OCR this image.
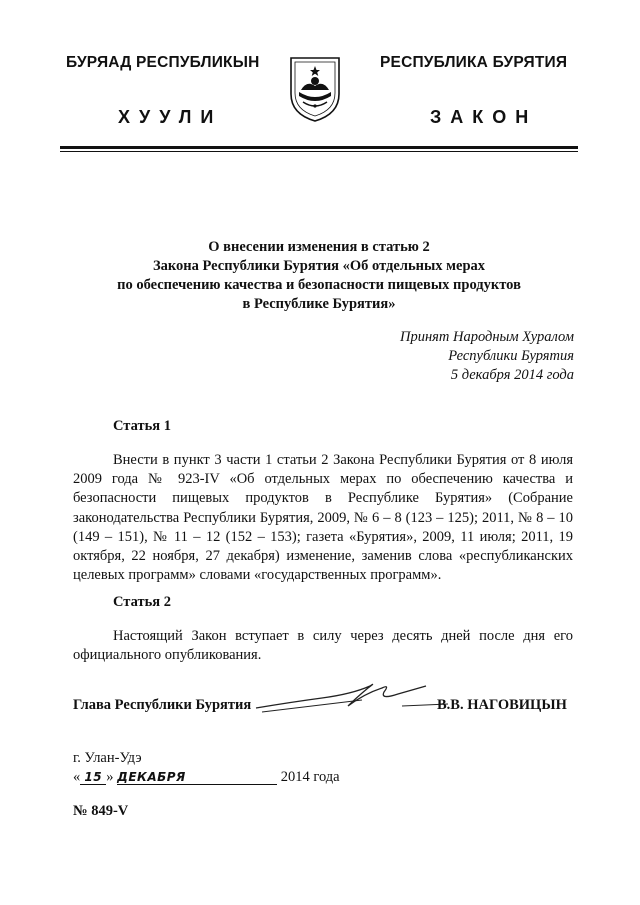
БУРЯАД РЕСПУБЛИКЫН	РЕСПУБЛИКА БУРЯТИЯ
ХУУЛИ	ЗАКОН
О внесении изменения в статью 2
Закона Республики Бурятия «Об отдельных мерах
по обеспечению качества и безопасности пищевых продуктов
в Республике Бурятия»
Принят Народным Хуралом
Республики Бурятия
5 декабря 2014 года
Статья 1
Внести в пункт 3 части 1 статьи 2 Закона Республики Бурятия от 8 июля 2009 года № 923-IV «Об отдельных мерах по обеспечению качества и безопасности пищевых продуктов в Республике Бурятия» (Собрание законодательства Республики Бурятия, 2009, № 6 – 8 (123 – 125); 2011, № 8 – 10 (149 – 151), № 11 – 12 (152 – 153); газета «Бурятия», 2009, 11 июля; 2011, 19 октября, 22 ноября, 27 декабря) изменение, заменив слова «республиканских целевых программ» словами «государственных программ».
Статья 2
Настоящий Закон вступает в силу через десять дней после дня его официального опубликования.
Глава Республики Бурятия	В.В. НАГОВИЦЫН
г. Улан-Удэ
« 15 » ДЕКАБРЯ	2014 года
№ 849-V
